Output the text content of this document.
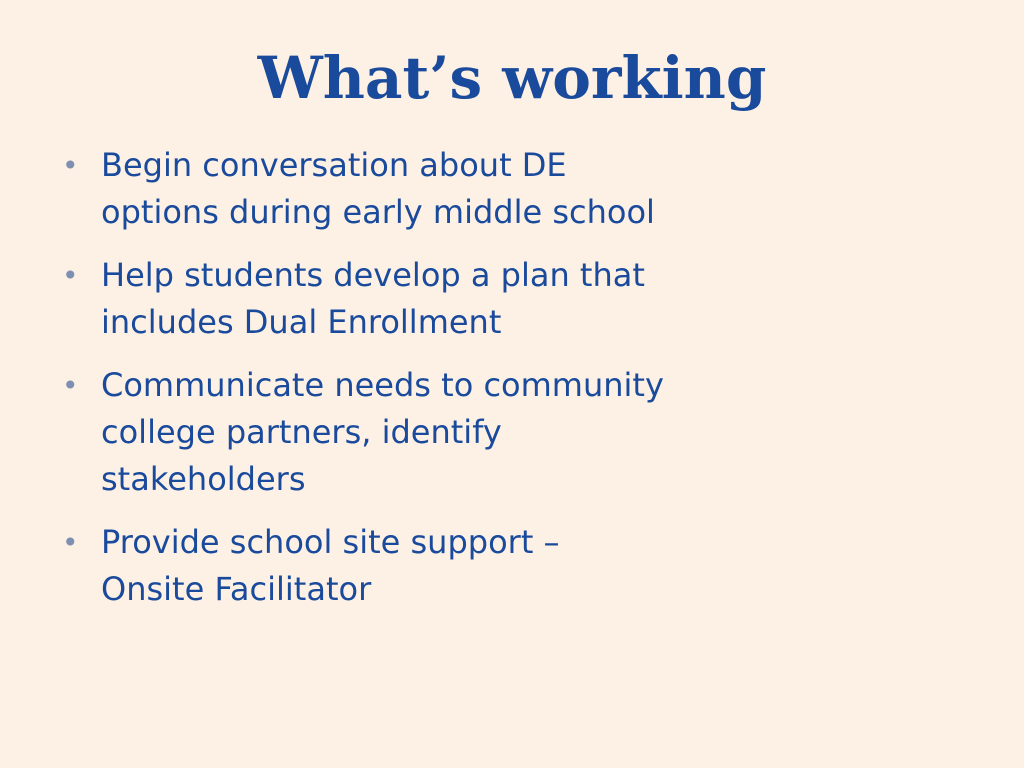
What’s working
• Begin conversation about DE
options during early middle school
• Help students develop a plan that
includes Dual Enrollment
• Communicate needs to community
college partners, identify
stakeholders
• Provide school site support –
Onsite Facilitator
